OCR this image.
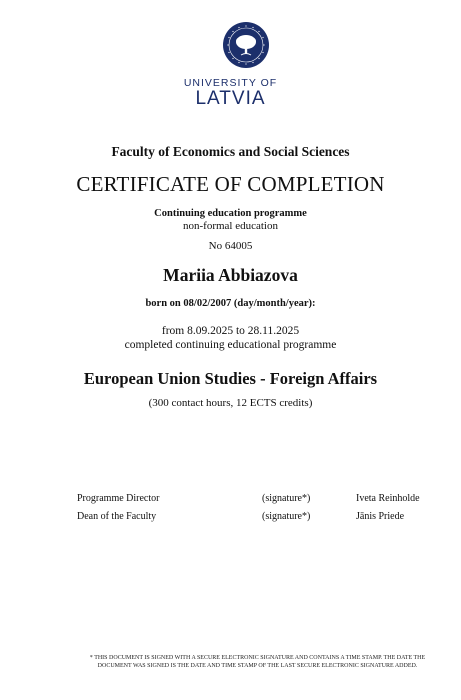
UNIVERSITY OF
LATVIA
Faculty of Economics and Social Sciences
CERTIFICATE OF COMPLETION
Continuing education programme
non-formal education
No 64005
Mariia Abbiazova
born on 08/02/2007 (day/month/year):
from 8.09.2025 to 28.11.2025
completed continuing educational programme
European Union Studies - Foreign Affairs
(300 contact hours, 12 ECTS credits)
Programme Director	(signature*)	Iveta Reinholde
Dean of the Faculty	(signature*)	Jānis Priede
* THIS DOCUMENT IS SIGNED WITH A SECURE ELECTRONIC SIGNATURE AND CONTAINS A TIME STAMP. THE DATE THE
DOCUMENT WAS SIGNED IS THE DATE AND TIME STAMP OF THE LAST SECURE ELECTRONIC SIGNATURE ADDED.
